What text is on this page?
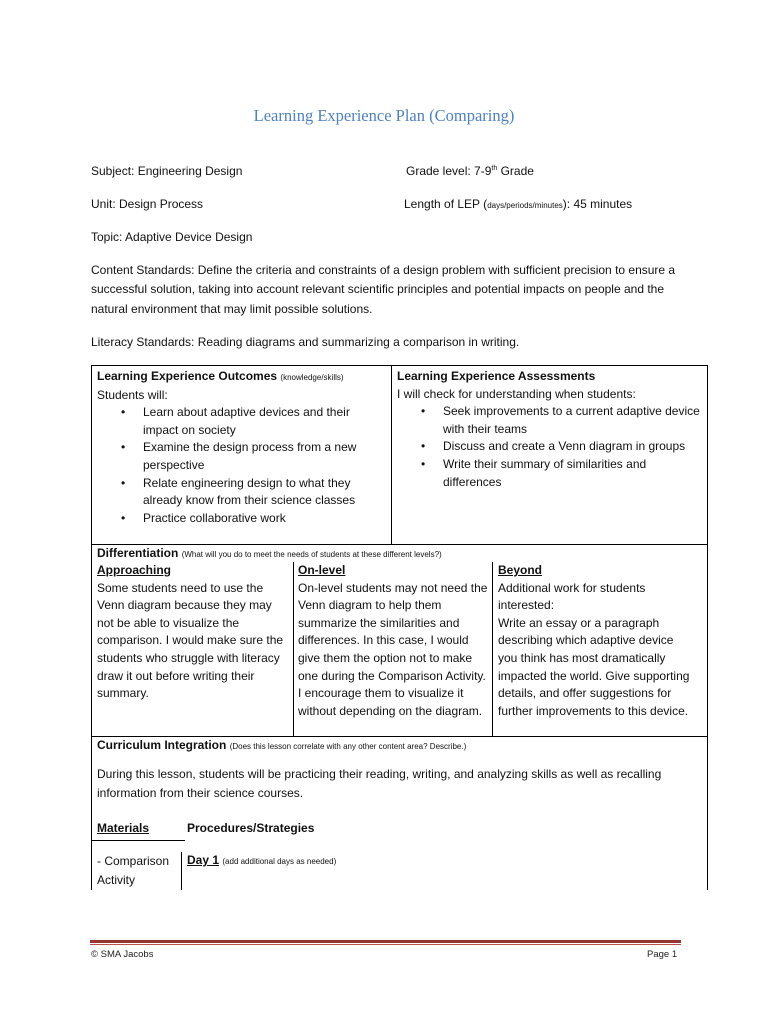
Learning Experience Plan (Comparing)
Subject: Engineering Design	Grade level: 7-9th Grade
Unit: Design Process	Length of LEP (days/periods/minutes): 45 minutes
Topic: Adaptive Device Design
Content Standards: Define the criteria and constraints of a design problem with sufficient precision to ensure a successful solution, taking into account relevant scientific principles and potential impacts on people and the natural environment that may limit possible solutions.
Literacy Standards: Reading diagrams and summarizing a comparison in writing.
Learning Experience Outcomes (knowledge/skills)
Students will:
• Learn about adaptive devices and their impact on society
• Examine the design process from a new perspective
• Relate engineering design to what they already know from their science classes
• Practice collaborative work
Learning Experience Assessments
I will check for understanding when students:
• Seek improvements to a current adaptive device with their teams
• Discuss and create a Venn diagram in groups
• Write their summary of similarities and differences
Differentiation (What will you do to meet the needs of students at these different levels?)
Approaching
Some students need to use the Venn diagram because they may not be able to visualize the comparison. I would make sure the students who struggle with literacy draw it out before writing their summary.
On-level
On-level students may not need the Venn diagram to help them summarize the similarities and differences. In this case, I would give them the option not to make one during the Comparison Activity. I encourage them to visualize it without depending on the diagram.
Beyond
Additional work for students interested:
Write an essay or a paragraph describing which adaptive device you think has most dramatically impacted the world. Give supporting details, and offer suggestions for further improvements to this device.
Curriculum Integration (Does this lesson correlate with any other content area? Describe.)
During this lesson, students will be practicing their reading, writing, and analyzing skills as well as recalling information from their science courses.
Materials	Procedures/Strategies
- Comparison Activity
Day 1 (add additional days as needed)
© SMA Jacobs	Page 1
